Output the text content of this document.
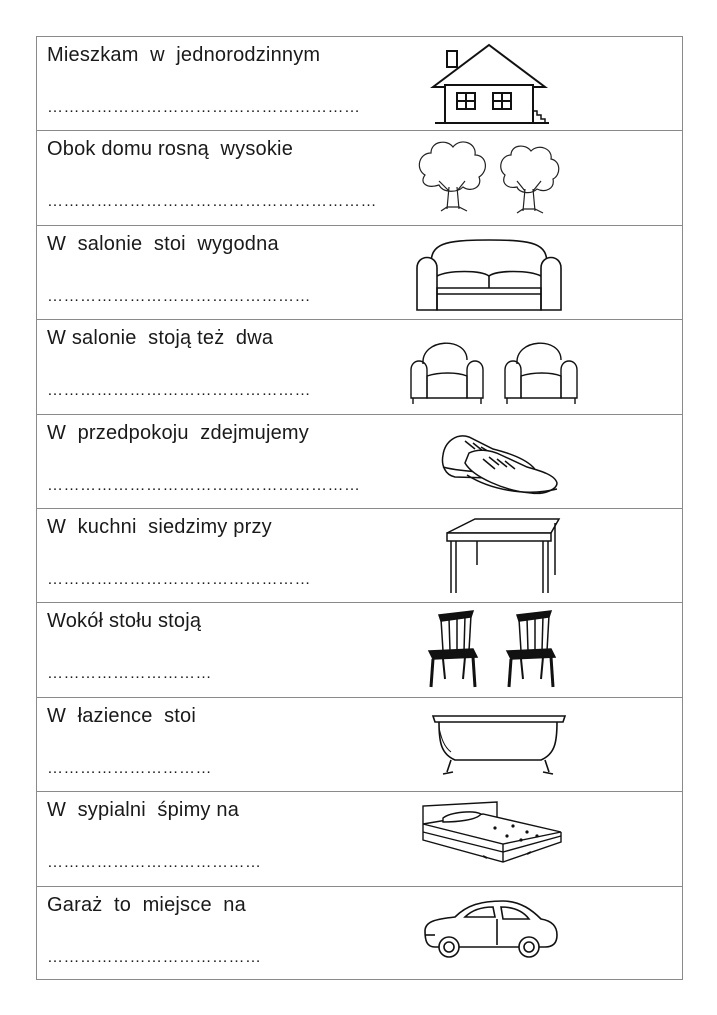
Mieszkam  w  jednorodzinnym
…………………………………………………
Obok domu rosną  wysokie
……………………………………………………
W  salonie  stoi  wygodna
…………………………………………
W salonie  stoją też  dwa
…………………………………………
W  przedpokoju  zdejmujemy
…………………………………………………
W  kuchni  siedzimy przy
…………………………………………
Wokół stołu stoją
…………………………
W  łazience  stoi
…………………………
W  sypialni  śpimy na
…………………………………
Garaż  to  miejsce  na
…………………………………
